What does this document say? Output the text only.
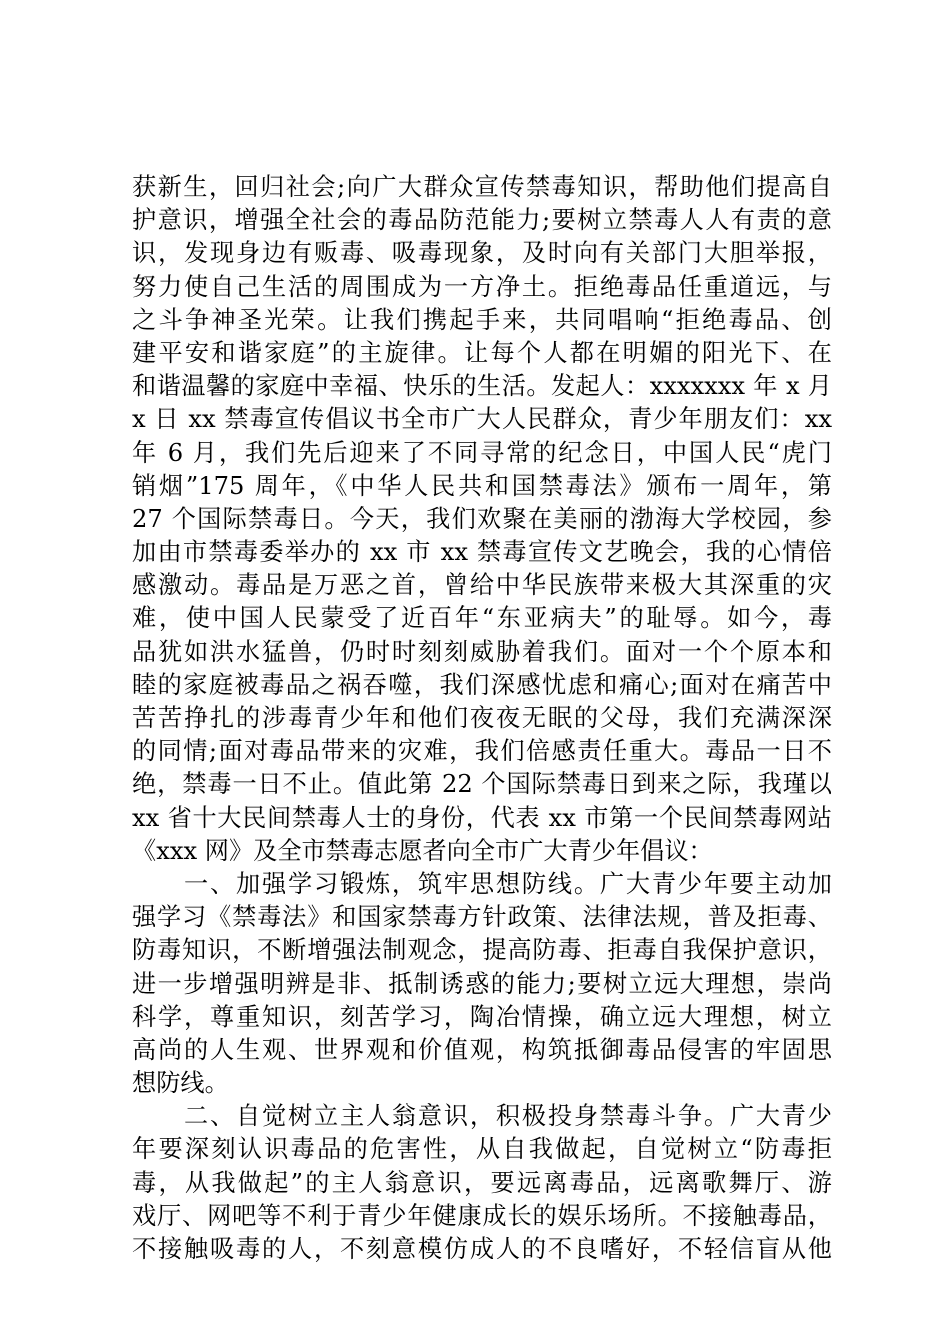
获新生，回归社会;向广大群众宣传禁毒知识，帮助他们提高自
护意识，增强全社会的毒品防范能力;要树立禁毒人人有责的意
识，发现身边有贩毒、吸毒现象，及时向有关部门大胆举报，
努力使自己生活的周围成为一方净土。拒绝毒品任重道远，与
之斗争神圣光荣。让我们携起手来，共同唱响“拒绝毒品、创
建平安和谐家庭”的主旋律。让每个人都在明媚的阳光下、在
和谐温馨的家庭中幸福、快乐的生活。发起人：xxxxxxx 年 x 月
x 日 xx 禁毒宣传倡议书全市广大人民群众，青少年朋友们：xx
年 6 月，我们先后迎来了不同寻常的纪念日，中国人民“虎门
销烟”175 周年，《中华人民共和国禁毒法》颁布一周年，第
27 个国际禁毒日。今天，我们欢聚在美丽的渤海大学校园，参
加由市禁毒委举办的 xx 市 xx 禁毒宣传文艺晚会，我的心情倍
感激动。毒品是万恶之首，曾给中华民族带来极大其深重的灾
难，使中国人民蒙受了近百年“东亚病夫”的耻辱。如今，毒
品犹如洪水猛兽，仍时时刻刻威胁着我们。面对一个个原本和
睦的家庭被毒品之祸吞噬，我们深感忧虑和痛心;面对在痛苦中
苦苦挣扎的涉毒青少年和他们夜夜无眠的父母，我们充满深深
的同情;面对毒品带来的灾难，我们倍感责任重大。毒品一日不
绝，禁毒一日不止。值此第 22 个国际禁毒日到来之际，我瑾以
xx 省十大民间禁毒人士的身份，代表 xx 市第一个民间禁毒网站
《xxx 网》及全市禁毒志愿者向全市广大青少年倡议：
一、加强学习锻炼，筑牢思想防线。广大青少年要主动加
强学习《禁毒法》和国家禁毒方针政策、法律法规，普及拒毒、
防毒知识，不断增强法制观念，提高防毒、拒毒自我保护意识，
进一步增强明辨是非、抵制诱惑的能力;要树立远大理想，崇尚
科学，尊重知识，刻苦学习，陶冶情操，确立远大理想，树立
高尚的人生观、世界观和价值观，构筑抵御毒品侵害的牢固思
想防线。
二、自觉树立主人翁意识，积极投身禁毒斗争。广大青少
年要深刻认识毒品的危害性，从自我做起，自觉树立“防毒拒
毒，从我做起”的主人翁意识，要远离毒品，远离歌舞厅、游
戏厅、网吧等不利于青少年健康成长的娱乐场所。不接触毒品，
不接触吸毒的人，不刻意模仿成人的不良嗜好，不轻信盲从他
